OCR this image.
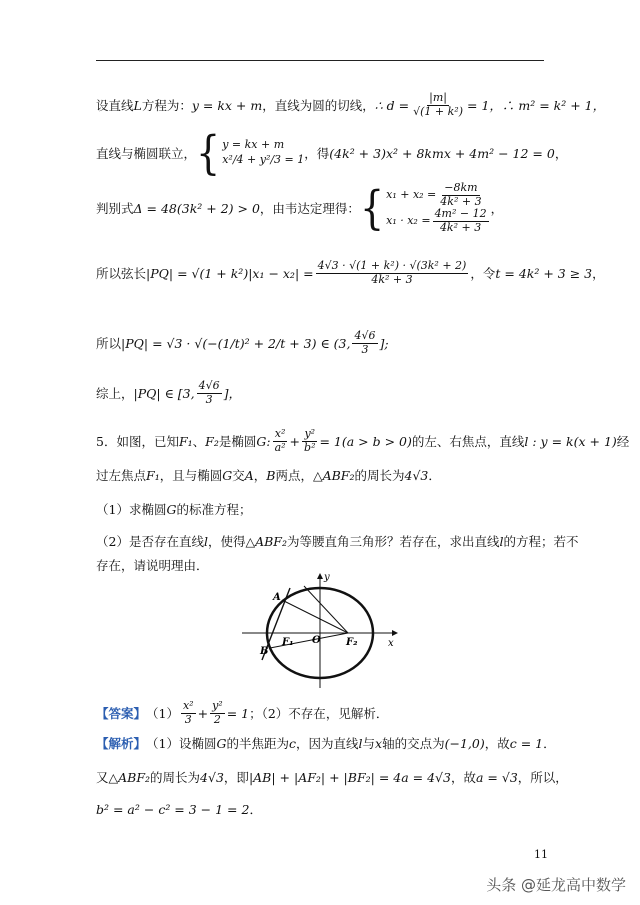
设直线 L 方程为： y = kx + m ，直线为圆的切线， ∴ $d = \frac{|m|}{\text{√(1 + k²)}} = 1$ ，∴ m² = k² + 1，
直线与椭圆联立， { y = kx + m
x²/4 + y²/3 = 1 ，得 (4k² + 3)x² + 8kmx + 4m² − 12 = 0 ，
判别式 Δ = 48(3k² + 2) > 0 ，由韦达定理得： { $x_1 + x_2 = \frac{-8km}{\text{4k² + 3}}$
$x_1 \cdot x_2 = \frac{\text{4m² − 12}}{\text{4k² + 3}}$ ，
所以弦长 $|PQ| = √(1 + k^2)|x_1 - x_2| = \frac{\text{4√3 · √(1 + k²) · √(3k² + 2)}}{\text{4k² + 3}}$ ，令 t = 4k² + 3 ≥ 3 ，
所以 |PQ| = √3 · √(−(1/t)² + 2/t + 3) ∈ (3, $\frac{4√6}{3}$ ];
综上， |PQ| ∈ [3, $\frac{4√6}{3}$ ]，
5．如图，已知 F₁ 、 F₂ 是椭圆 G: $\frac{\text{x²}}{\text{a²}} + \frac{\text{y²}}{\text{b²}} = 1(a > b > 0)$ 的左、右焦点，直线 l : y = k(x + 1) 经
过左焦点 F₁ ，且与椭圆 G 交 A ， B 两点， △ABF₂ 的周长为 4√3 ．
（1）求椭圆 G 的标准方程；
（2）是否存在直线 l ，使得 △ABF₂ 为等腰直角三角形？若存在，求出直线 l 的方程；若不
存在，请说明理由．
y
x
A
B
F₁	F₂
O
【答案】 $(1) \frac{\text{x²}}{3} + \frac{\text{y²}}{2} = 1$ ；（2）不存在，见解析．
【解析】 （1）设椭圆 G 的半焦距为 c ，因为直线 l 与 x 轴的交点为 (−1,0) ，故 c = 1 ．
又 △ABF₂ 的周长为 4√3 ，即 |AB| + |AF₂| + |BF₂| = 4a = 4√3 ，故 a = √3 ，所以，
b² = a² − c² = 3 − 1 = 2 ．
11
头条 @延龙高中数学
